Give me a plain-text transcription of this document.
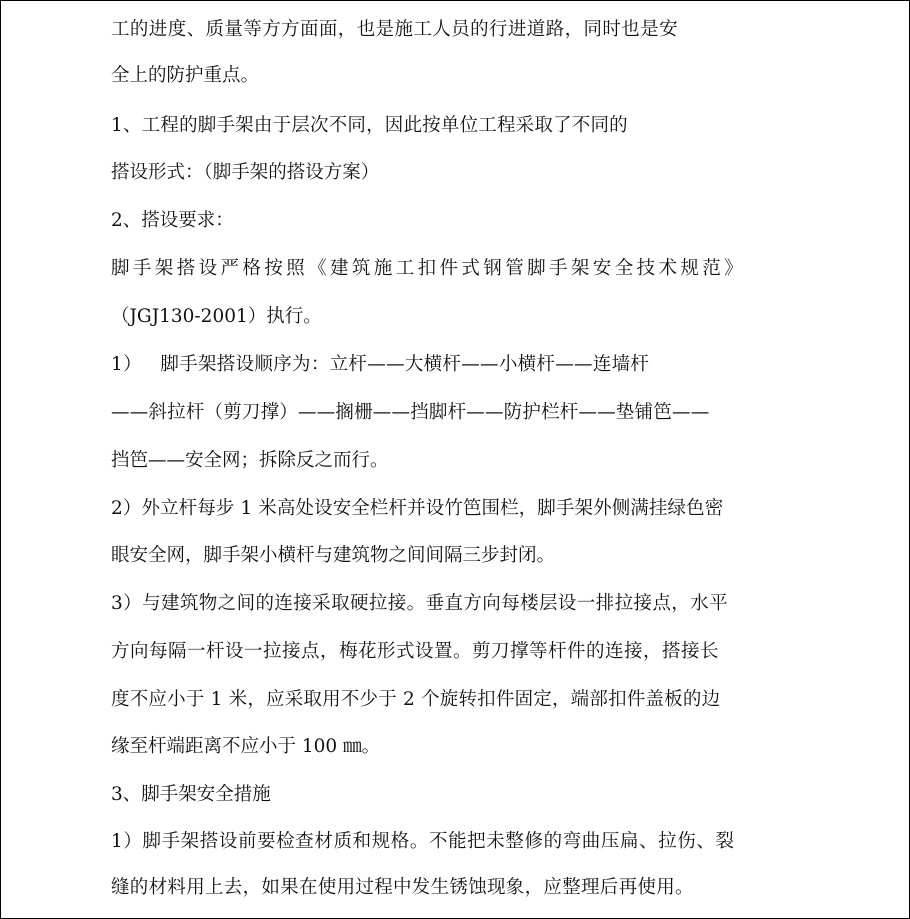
工的进度、质量等方方面面，也是施工人员的行进道路，同时也是安

全上的防护重点。

1、工程的脚手架由于层次不同，因此按单位工程采取了不同的

搭设形式：（脚手架的搭设方案）

2、搭设要求：

脚手架搭设严格按照《建筑施工扣件式钢管脚手架安全技术规范》

（JGJ130-2001）执行。

1）   脚手架搭设顺序为：立杆——大横杆——小横杆——连墙杆

——斜拉杆（剪刀撑）——搁栅——挡脚杆——防护栏杆——垫铺笆——

挡笆——安全网；拆除反之而行。

2）外立杆每步 1 米高处设安全栏杆并设竹笆围栏，脚手架外侧满挂绿色密

眼安全网，脚手架小横杆与建筑物之间间隔三步封闭。

3）与建筑物之间的连接采取硬拉接。垂直方向每楼层设一排拉接点，水平

方向每隔一杆设一拉接点，梅花形式设置。剪刀撑等杆件的连接，搭接长

度不应小于 1 米，应采取用不少于 2 个旋转扣件固定，端部扣件盖板的边

缘至杆端距离不应小于 100 ㎜。

3、脚手架安全措施

1）脚手架搭设前要检查材质和规格。不能把未整修的弯曲压扁、拉伤、裂

缝的材料用上去，如果在使用过程中发生锈蚀现象，应整理后再使用。
